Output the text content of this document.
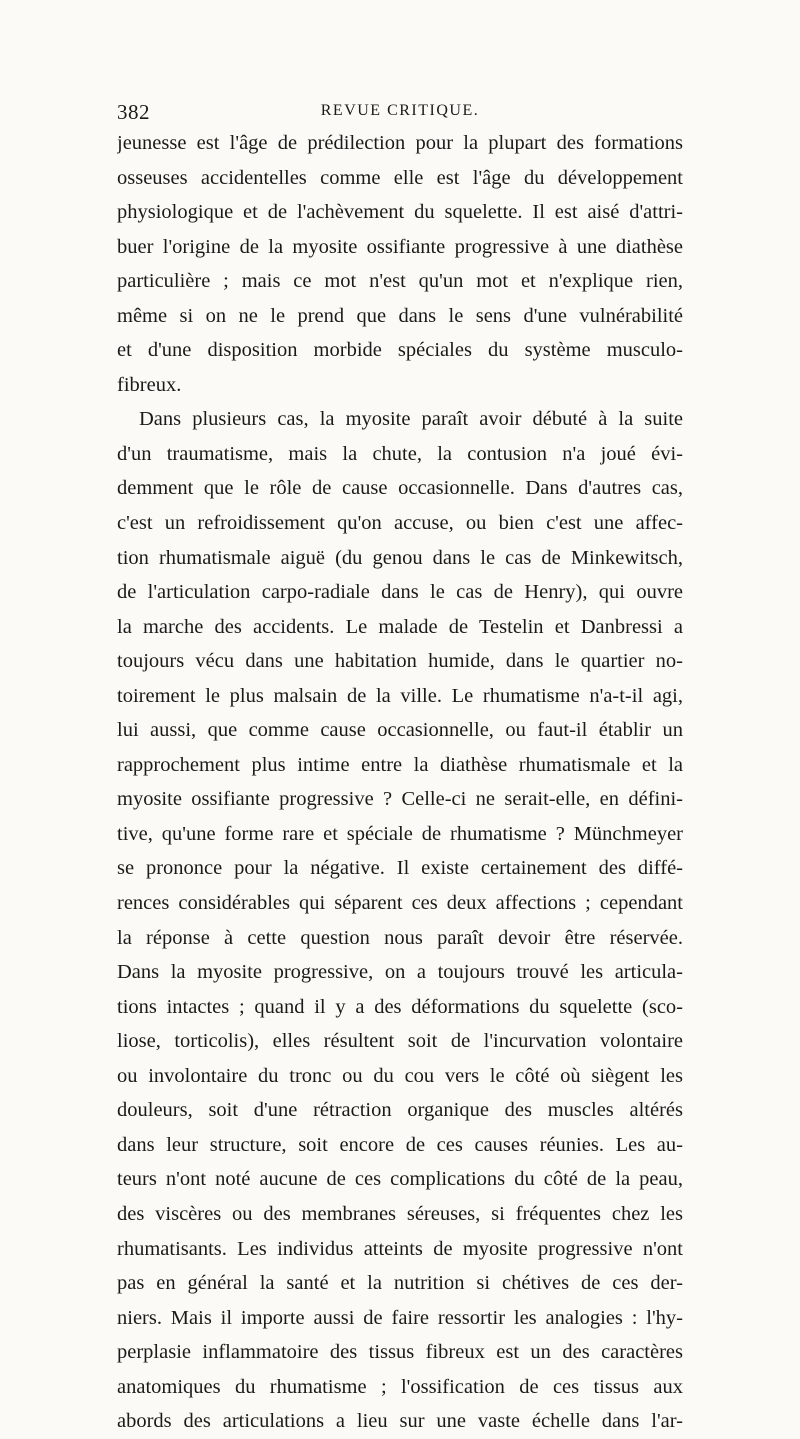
382	REVUE CRITIQUE.
jeunesse est l'âge de prédilection pour la plupart des formations
osseuses accidentelles comme elle est l'âge du développement
physiologique et de l'achèvement du squelette. Il est aisé d'attri-
buer l'origine de la myosite ossifiante progressive à une diathèse
particulière ; mais ce mot n'est qu'un mot et n'explique rien,
même si on ne le prend que dans le sens d'une vulnérabilité
et d'une disposition morbide spéciales du système musculo-
fibreux.
Dans plusieurs cas, la myosite paraît avoir débuté à la suite
d'un traumatisme, mais la chute, la contusion n'a joué évi-
demment que le rôle de cause occasionnelle. Dans d'autres cas,
c'est un refroidissement qu'on accuse, ou bien c'est une affec-
tion rhumatismale aiguë (du genou dans le cas de Minkewitsch,
de l'articulation carpo-radiale dans le cas de Henry), qui ouvre
la marche des accidents. Le malade de Testelin et Danbressi a
toujours vécu dans une habitation humide, dans le quartier no-
toirement le plus malsain de la ville. Le rhumatisme n'a-t-il agi,
lui aussi, que comme cause occasionnelle, ou faut-il établir un
rapprochement plus intime entre la diathèse rhumatismale et la
myosite ossifiante progressive ? Celle-ci ne serait-elle, en défini-
tive, qu'une forme rare et spéciale de rhumatisme ? Münchmeyer
se prononce pour la négative. Il existe certainement des diffé-
rences considérables qui séparent ces deux affections ; cependant
la réponse à cette question nous paraît devoir être réservée.
Dans la myosite progressive, on a toujours trouvé les articula-
tions intactes ; quand il y a des déformations du squelette (sco-
liose, torticolis), elles résultent soit de l'incurvation volontaire
ou involontaire du tronc ou du cou vers le côté où siègent les
douleurs, soit d'une rétraction organique des muscles altérés
dans leur structure, soit encore de ces causes réunies. Les au-
teurs n'ont noté aucune de ces complications du côté de la peau,
des viscères ou des membranes séreuses, si fréquentes chez les
rhumatisants. Les individus atteints de myosite progressive n'ont
pas en général la santé et la nutrition si chétives de ces der-
niers. Mais il importe aussi de faire ressortir les analogies : l'hy-
perplasie inflammatoire des tissus fibreux est un des caractères
anatomiques du rhumatisme ; l'ossification de ces tissus aux
abords des articulations a lieu sur une vaste échelle dans l'ar-
